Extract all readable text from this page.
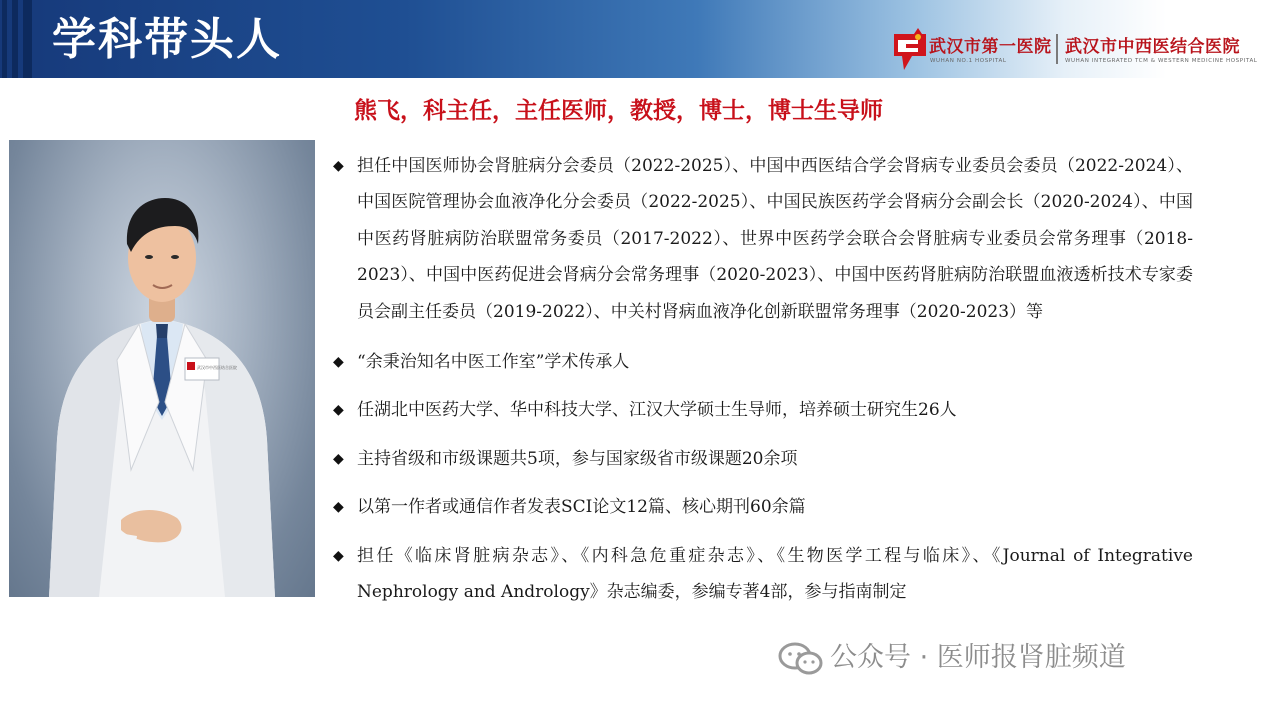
学科带头人	武汉市第一医院 武汉市中西医结合医院
WUHAN NO.1 HOSPITAL	WUHAN INTEGRATED TCM & WESTERN MEDICINE HOSPITAL
熊飞，科主任，主任医师，教授，博士，博士生导师
武汉市中西医结合医院
◆ 担任中国医师协会肾脏病分会委员（2022-2025）、中国中西医结合学会肾病专业委员会委员（2022-2024）、中国医院管理协会血液净化分会委员（2022-2025）、中国民族医药学会肾病分会副会长（2020-2024）、中国中医药肾脏病防治联盟常务委员（2017-2022）、世界中医药学会联合会肾脏病专业委员会常务理事（2018-2023）、中国中医药促进会肾病分会常务理事（2020-2023）、中国中医药肾脏病防治联盟血液透析技术专家委员会副主任委员（2019-2022）、中关村肾病血液净化创新联盟常务理事（2020-2023）等
◆ “余秉治知名中医工作室”学术传承人
◆ 任湖北中医药大学、华中科技大学、江汉大学硕士生导师，培养硕士研究生26人
◆ 主持省级和市级课题共5项，参与国家级省市级课题20余项
◆ 以第一作者或通信作者发表SCI论文12篇、核心期刊60余篇
◆ 担任《临床肾脏病杂志》、《内科急危重症杂志》、《生物医学工程与临床》、《Journal of Integrative Nephrology and Andrology》杂志编委，参编专著4部，参与指南制定
公众号 · 医师报肾脏频道
